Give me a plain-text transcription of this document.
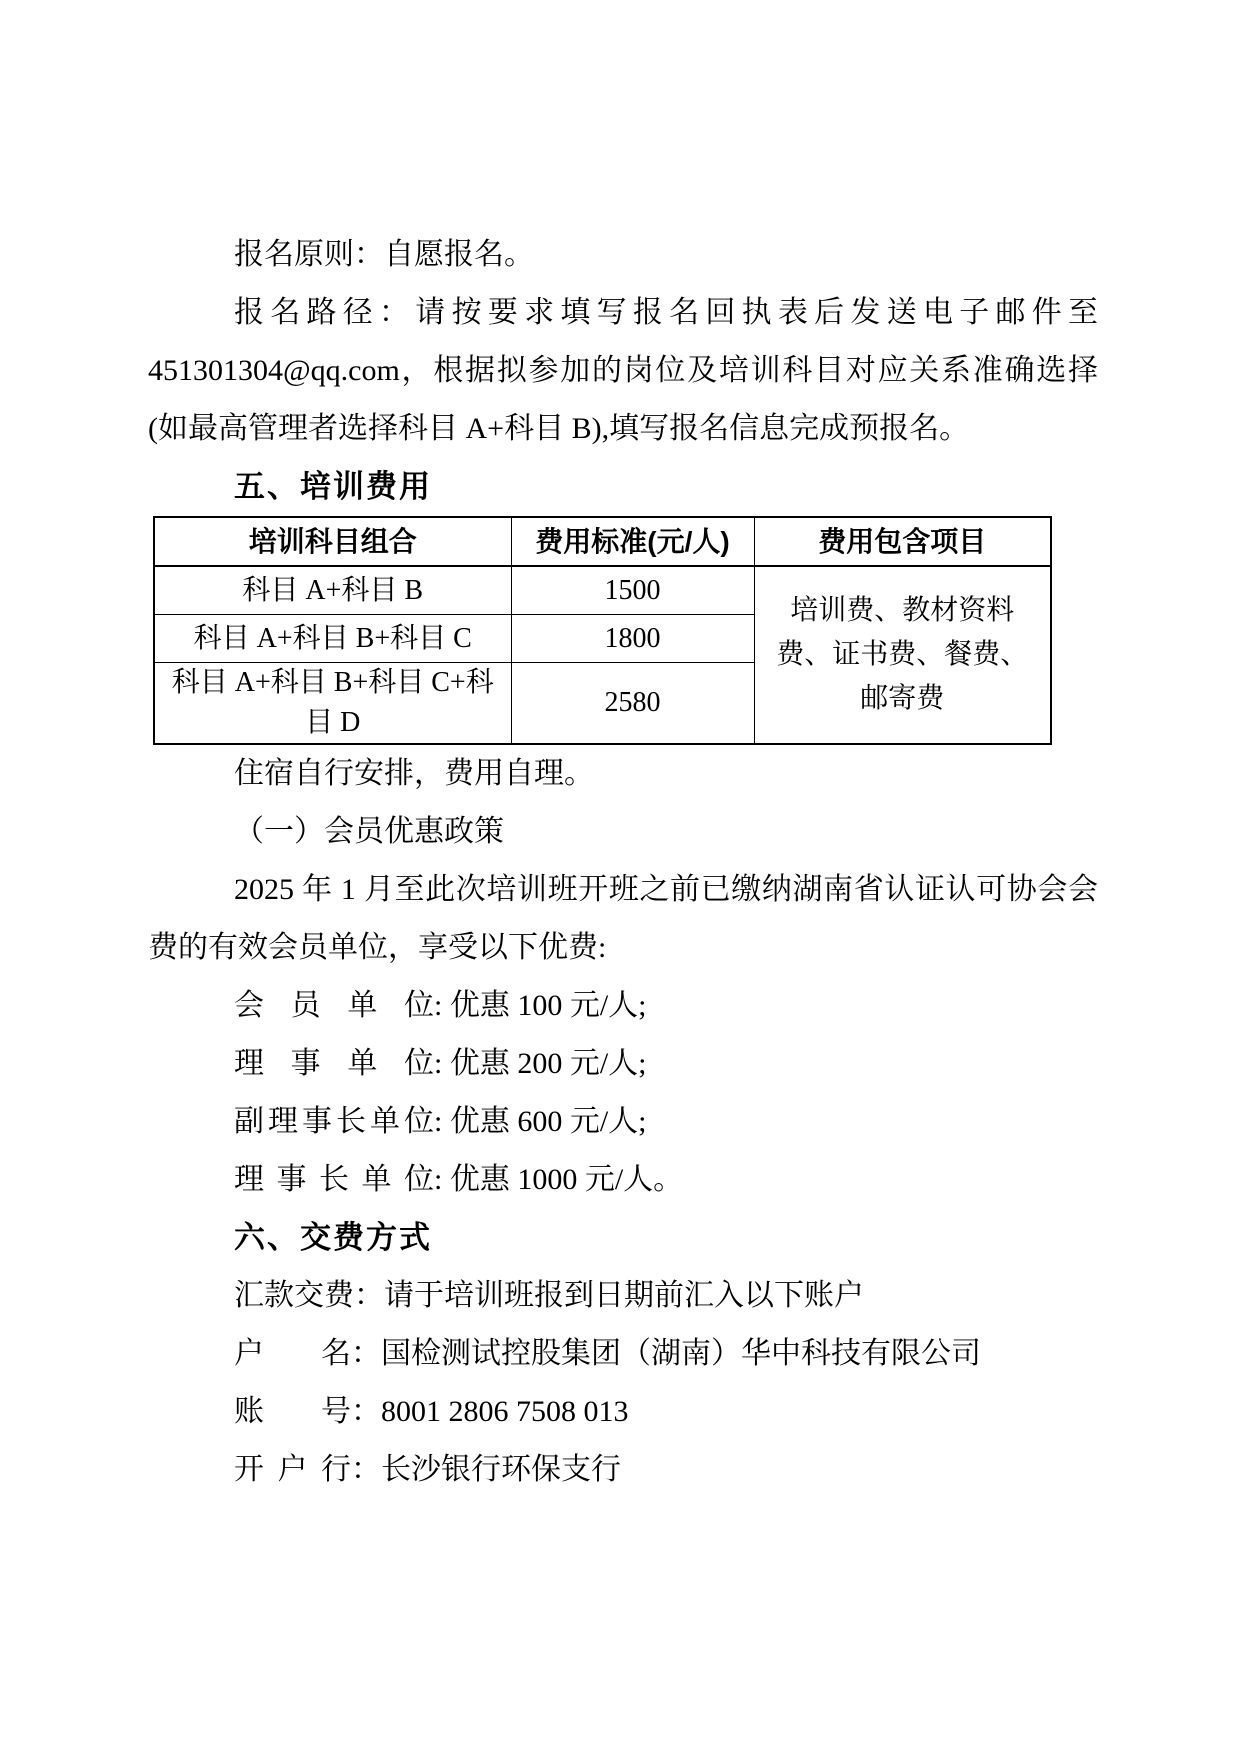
报名原则：自愿报名。

报名路径：请按要求填写报名回执表后发送电子邮件至 451301304@qq.com，根据拟参加的岗位及培训科目对应关系准确选择(如最高管理者选择科目 A+科目 B),填写报名信息完成预报名。

五、培训费用
培训科目组合	费用标准(元/人)	费用包含项目
科目 A+科目 B	1500	培训费、教材资料费、证书费、餐费、邮寄费
科目 A+科目 B+科目 C	1800	
科目 A+科目 B+科目 C+科目 D	2580	

住宿自行安排，费用自理。

（一）会员优惠政策

2025 年 1 月至此次培训班开班之前已缴纳湖南省认证认可协会会费的有效会员单位，享受以下优费:

会员单位: 优惠 100 元/人;

理事单位: 优惠 200 元/人;

副理事长单位: 优惠 600 元/人;

理事长单位: 优惠 1000 元/人。

六、交费方式

汇款交费：请于培训班报到日期前汇入以下账户

户名：国检测试控股集团（湖南）华中科技有限公司

账号：8001 2806 7508 013

开户行：长沙银行环保支行
